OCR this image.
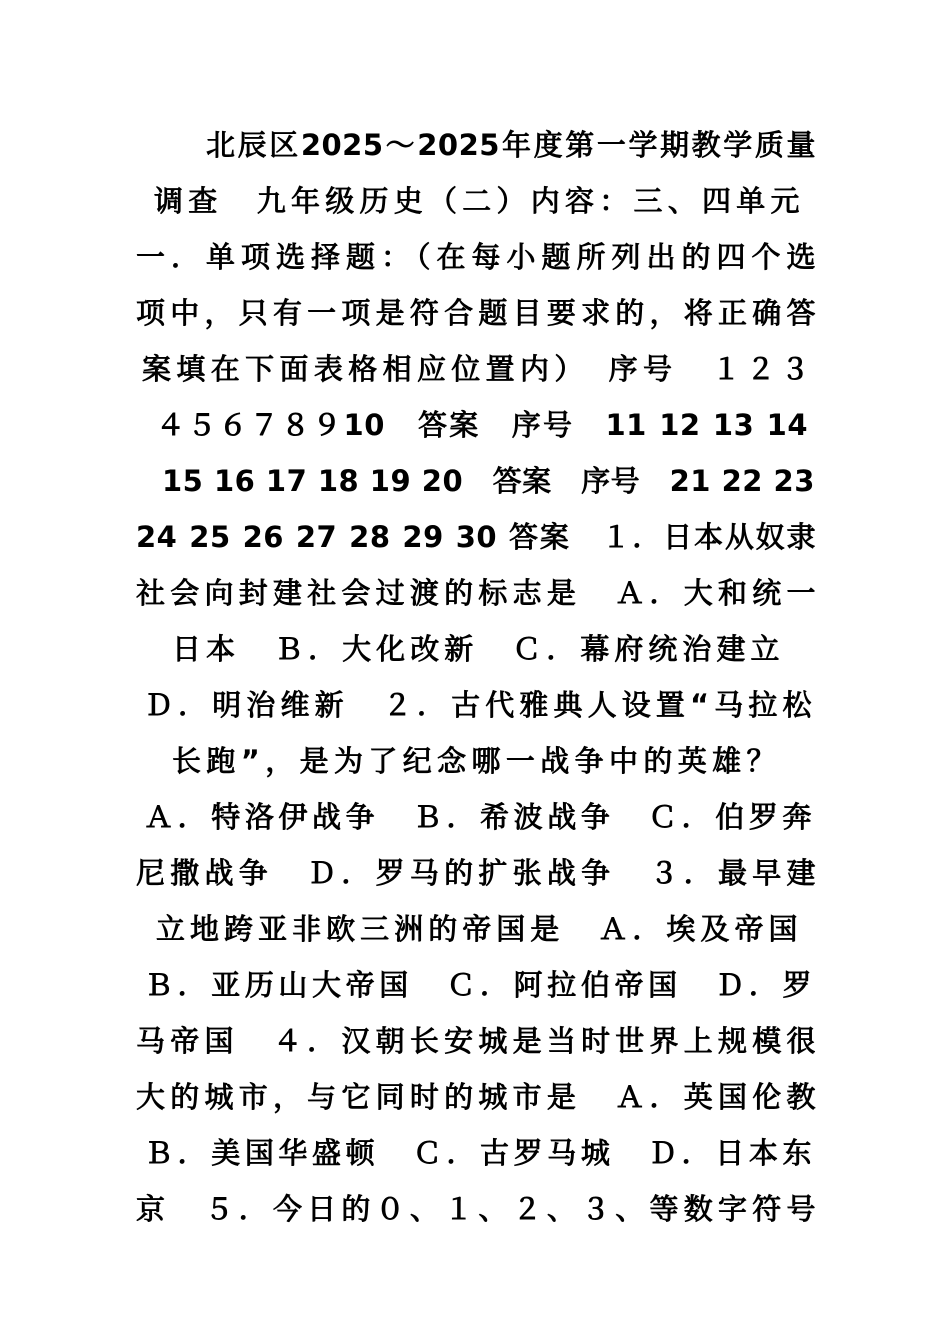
北辰区2025～2025年度第一学期教学质量
调查　九年级历史（二）内容：三、四单元
一．单项选择题：（在每小题所列出的四个选
项中，只有一项是符合题目要求的，将正确答
案填在下面表格相应位置内）　序号　１２３
４５６７８９10　答案　序号　11 12 13 14
15 16 17 18 19 20　答案　序号　21 22 23
24 25 26 27 28 29 30 答案　１．日本从奴隶
社会向封建社会过渡的标志是　Ａ．大和统一
日本　Ｂ．大化改新　Ｃ．幕府统治建立
Ｄ．明治维新　２．古代雅典人设置“马拉松
长跑”，是为了纪念哪一战争中的英雄？
Ａ．特洛伊战争　Ｂ．希波战争　Ｃ．伯罗奔
尼撒战争　Ｄ．罗马的扩张战争　３．最早建
立地跨亚非欧三洲的帝国是　Ａ．埃及帝国
Ｂ．亚历山大帝国　Ｃ．阿拉伯帝国　Ｄ．罗
马帝国　４．汉朝长安城是当时世界上规模很
大的城市，与它同时的城市是　Ａ．英国伦教
Ｂ．美国华盛顿　Ｃ．古罗马城　Ｄ．日本东
京　５．今日的０、１、２、３、等数字符号
